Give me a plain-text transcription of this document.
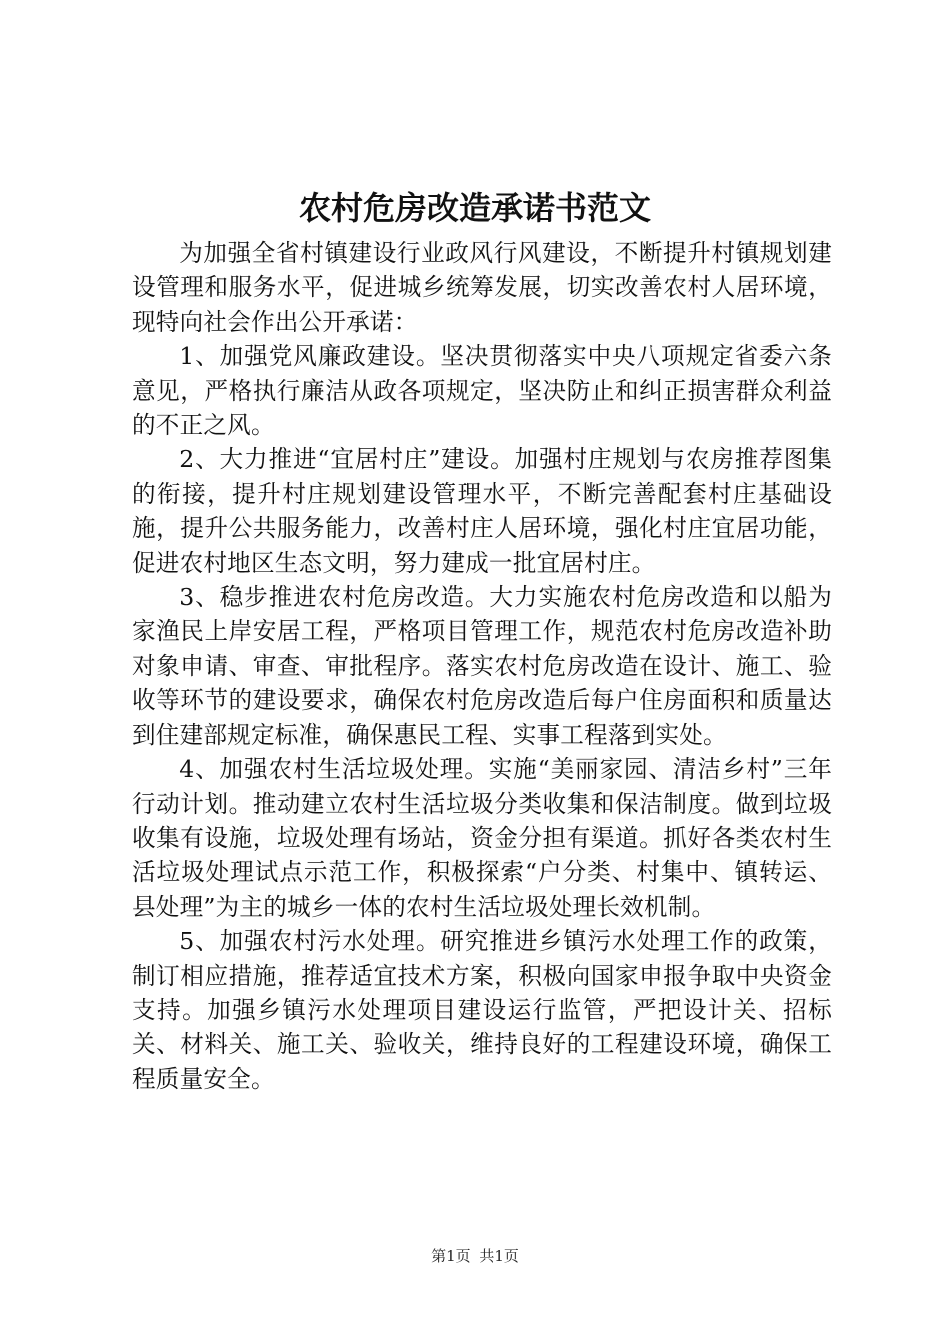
农村危房改造承诺书范文

为加强全省村镇建设行业政风行风建设，不断提升村镇规划建设管理和服务水平，促进城乡统筹发展，切实改善农村人居环境，现特向社会作出公开承诺：

1、加强党风廉政建设。坚决贯彻落实中央八项规定省委六条意见，严格执行廉洁从政各项规定，坚决防止和纠正损害群众利益的不正之风。

2、大力推进“宜居村庄”建设。加强村庄规划与农房推荐图集的衔接，提升村庄规划建设管理水平，不断完善配套村庄基础设施，提升公共服务能力，改善村庄人居环境，强化村庄宜居功能，促进农村地区生态文明，努力建成一批宜居村庄。

3、稳步推进农村危房改造。大力实施农村危房改造和以船为家渔民上岸安居工程，严格项目管理工作，规范农村危房改造补助对象申请、审查、审批程序。落实农村危房改造在设计、施工、验收等环节的建设要求，确保农村危房改造后每户住房面积和质量达到住建部规定标准，确保惠民工程、实事工程落到实处。

4、加强农村生活垃圾处理。实施“美丽家园、清洁乡村”三年行动计划。推动建立农村生活垃圾分类收集和保洁制度。做到垃圾收集有设施，垃圾处理有场站，资金分担有渠道。抓好各类农村生活垃圾处理试点示范工作，积极探索“户分类、村集中、镇转运、县处理”为主的城乡一体的农村生活垃圾处理长效机制。

5、加强农村污水处理。研究推进乡镇污水处理工作的政策，制订相应措施，推荐适宜技术方案，积极向国家申报争取中央资金支持。加强乡镇污水处理项目建设运行监管，严把设计关、招标关、材料关、施工关、验收关，维持良好的工程建设环境，确保工程质量安全。

第1页 共1页
